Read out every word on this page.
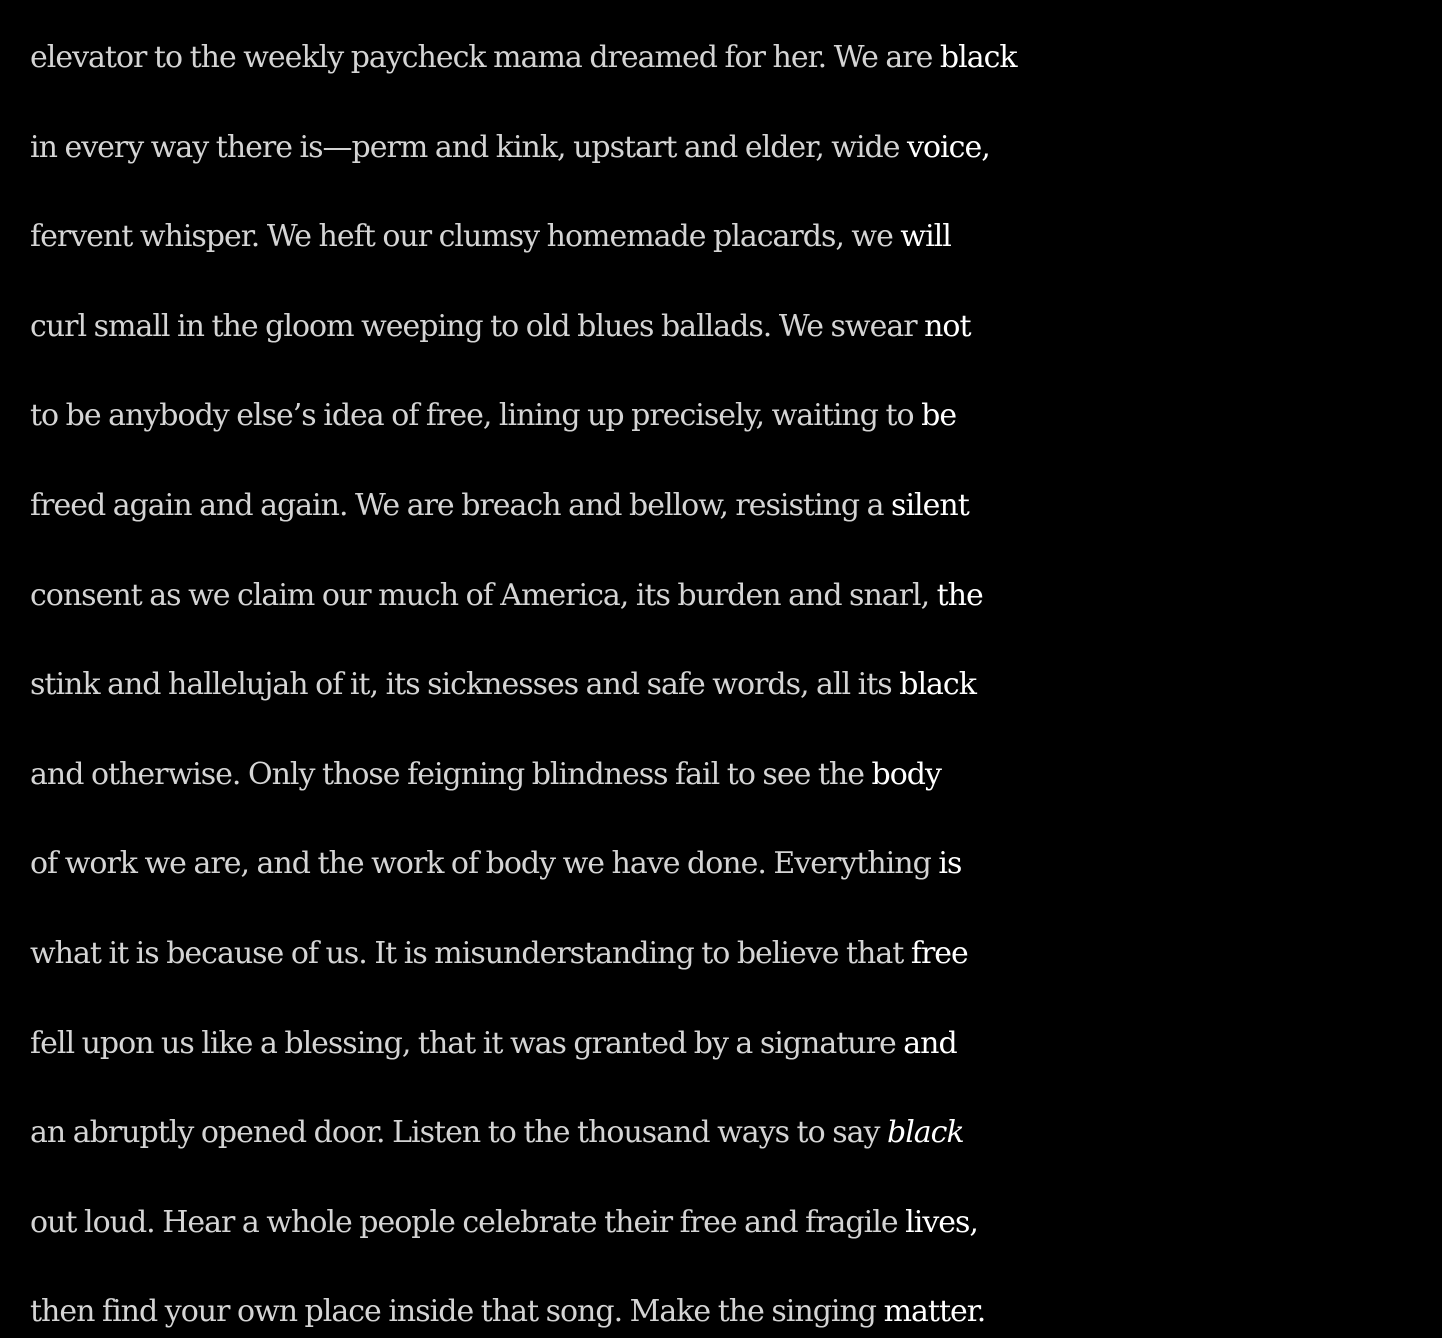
elevator to the weekly paycheck mama dreamed for her. We are black
in every way there is—perm and kink, upstart and elder, wide voice,
fervent whisper. We heft our clumsy homemade placards, we will
curl small in the gloom weeping to old blues ballads. We swear not
to be anybody else’s idea of free, lining up precisely, waiting to be
freed again and again. We are breach and bellow, resisting a silent
consent as we claim our much of America, its burden and snarl, the
stink and hallelujah of it, its sicknesses and safe words, all its black
and otherwise. Only those feigning blindness fail to see the body
of work we are, and the work of body we have done. Everything is
what it is because of us. It is misunderstanding to believe that free
fell upon us like a blessing, that it was granted by a signature and
an abruptly opened door. Listen to the thousand ways to say black
out loud. Hear a whole people celebrate their free and fragile lives,
then find your own place inside that song. Make the singing matter.
